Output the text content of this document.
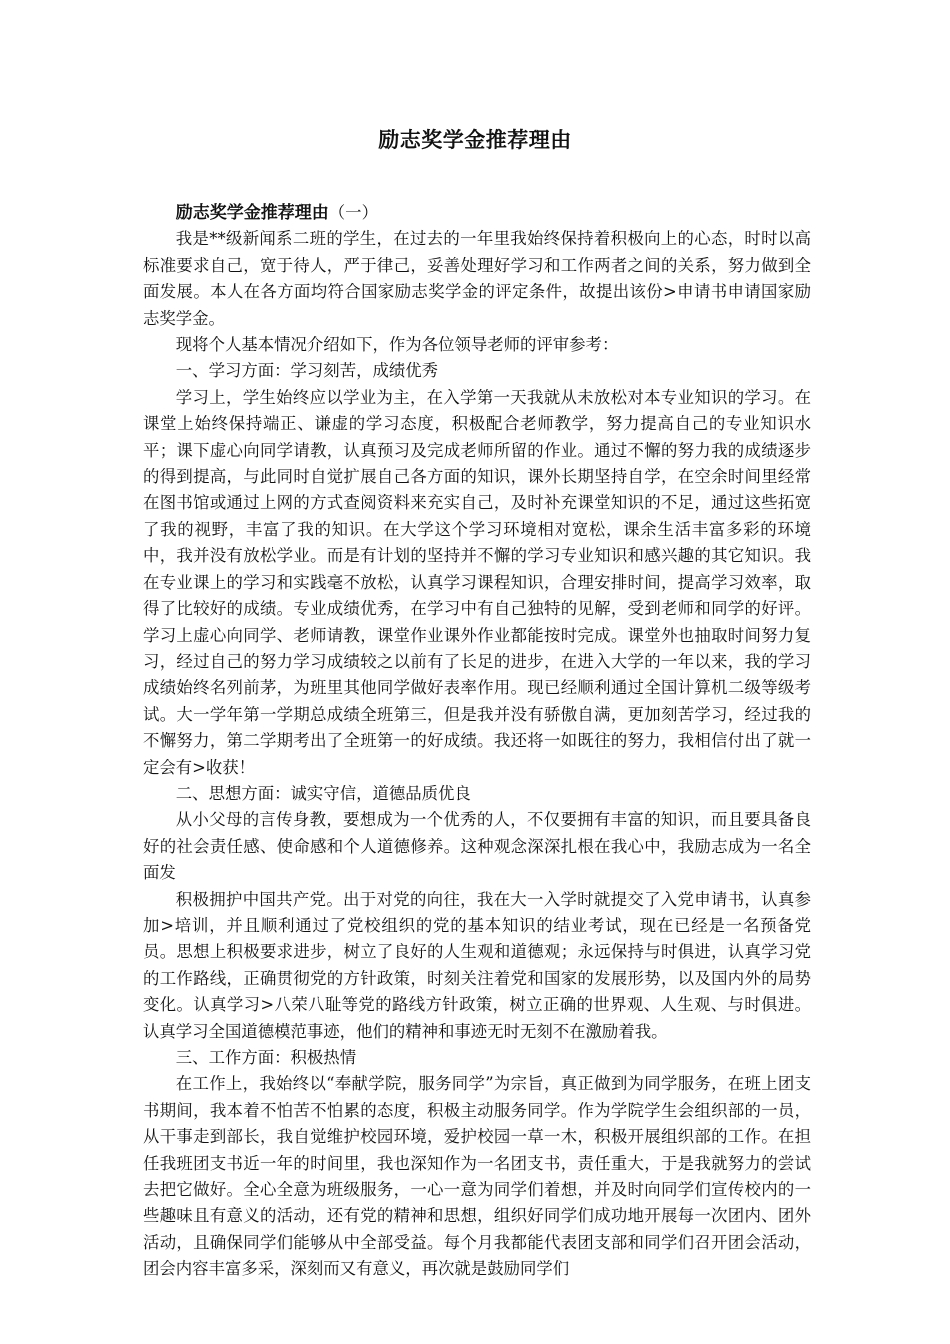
励志奖学金推荐理由
励志奖学金推荐理由（一）

我是**级新闻系二班的学生，在过去的一年里我始终保持着积极向上的心态，时时以高标准要求自己，宽于待人，严于律己，妥善处理好学习和工作两者之间的关系，努力做到全面发展。本人在各方面均符合国家励志奖学金的评定条件，故提出该份>申请书申请国家励志奖学金。

现将个人基本情况介绍如下，作为各位领导老师的评审参考：

一、学习方面：学习刻苦，成绩优秀

学习上，学生始终应以学业为主，在入学第一天我就从未放松对本专业知识的学习。在课堂上始终保持端正、谦虚的学习态度，积极配合老师教学，努力提高自己的专业知识水平；课下虚心向同学请教，认真预习及完成老师所留的作业。通过不懈的努力我的成绩逐步的得到提高，与此同时自觉扩展自己各方面的知识，课外长期坚持自学，在空余时间里经常在图书馆或通过上网的方式查阅资料来充实自己，及时补充课堂知识的不足，通过这些拓宽了我的视野，丰富了我的知识。在大学这个学习环境相对宽松，课余生活丰富多彩的环境中，我并没有放松学业。而是有计划的坚持并不懈的学习专业知识和感兴趣的其它知识。我在专业课上的学习和实践毫不放松，认真学习课程知识，合理安排时间，提高学习效率，取得了比较好的成绩。专业成绩优秀，在学习中有自己独特的见解，受到老师和同学的好评。学习上虚心向同学、老师请教，课堂作业课外作业都能按时完成。课堂外也抽取时间努力复习，经过自己的努力学习成绩较之以前有了长足的进步，在进入大学的一年以来，我的学习成绩始终名列前茅，为班里其他同学做好表率作用。现已经顺利通过全国计算机二级等级考试。大一学年第一学期总成绩全班第三，但是我并没有骄傲自满，更加刻苦学习，经过我的不懈努力，第二学期考出了全班第一的好成绩。我还将一如既往的努力，我相信付出了就一定会有>收获！

二、思想方面：诚实守信，道德品质优良

从小父母的言传身教，要想成为一个优秀的人，不仅要拥有丰富的知识，而且要具备良好的社会责任感、使命感和个人道德修养。这种观念深深扎根在我心中，我励志成为一名全面发

积极拥护中国共产党。出于对党的向往，我在大一入学时就提交了入党申请书，认真参加>培训，并且顺利通过了党校组织的党的基本知识的结业考试，现在已经是一名预备党员。思想上积极要求进步，树立了良好的人生观和道德观；永远保持与时俱进，认真学习党的工作路线，正确贯彻党的方针政策，时刻关注着党和国家的发展形势，以及国内外的局势变化。认真学习>八荣八耻等党的路线方针政策，树立正确的世界观、人生观、与时俱进。认真学习全国道德模范事迹，他们的精神和事迹无时无刻不在激励着我。

三、工作方面：积极热情

在工作上，我始终以“奉献学院，服务同学”为宗旨，真正做到为同学服务，在班上团支书期间，我本着不怕苦不怕累的态度，积极主动服务同学。作为学院学生会组织部的一员，从干事走到部长，我自觉维护校园环境，爱护校园一草一木，积极开展组织部的工作。在担任我班团支书近一年的时间里，我也深知作为一名团支书，责任重大，于是我就努力的尝试去把它做好。全心全意为班级服务，一心一意为同学们着想，并及时向同学们宣传校内的一些趣味且有意义的活动，还有党的精神和思想，组织好同学们成功地开展每一次团内、团外活动，且确保同学们能够从中全部受益。每个月我都能代表团支部和同学们召开团会活动，团会内容丰富多采，深刻而又有意义，再次就是鼓励同学们
